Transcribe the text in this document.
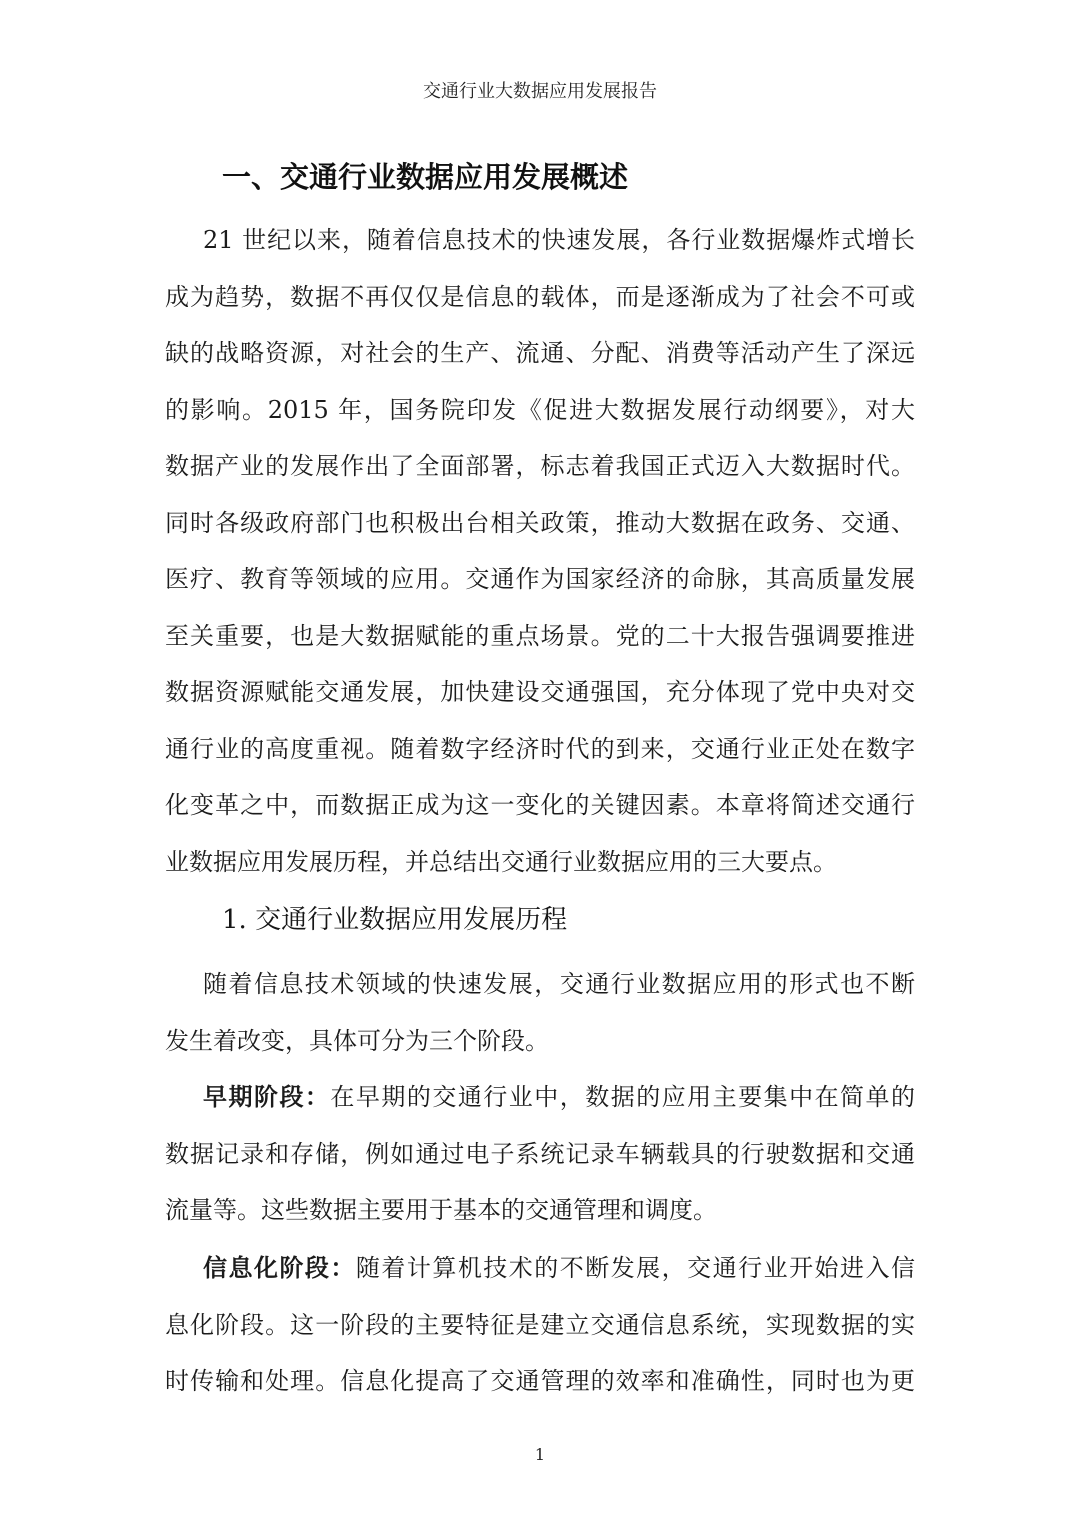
交通行业大数据应用发展报告
一、交通行业数据应用发展概述
21 世纪以来，随着信息技术的快速发展，各行业数据爆炸式增长
成为趋势，数据不再仅仅是信息的载体，而是逐渐成为了社会不可或
缺的战略资源，对社会的生产、流通、分配、消费等活动产生了深远
的影响。2015 年，国务院印发《促进大数据发展行动纲要》，对大
数据产业的发展作出了全面部署，标志着我国正式迈入大数据时代。
同时各级政府部门也积极出台相关政策，推动大数据在政务、交通、
医疗、教育等领域的应用。交通作为国家经济的命脉，其高质量发展
至关重要，也是大数据赋能的重点场景。党的二十大报告强调要推进
数据资源赋能交通发展，加快建设交通强国，充分体现了党中央对交
通行业的高度重视。随着数字经济时代的到来，交通行业正处在数字
化变革之中，而数据正成为这一变化的关键因素。本章将简述交通行
业数据应用发展历程，并总结出交通行业数据应用的三大要点。
1. 交通行业数据应用发展历程
随着信息技术领域的快速发展，交通行业数据应用的形式也不断
发生着改变，具体可分为三个阶段。
早期阶段：在早期的交通行业中，数据的应用主要集中在简单的
数据记录和存储，例如通过电子系统记录车辆载具的行驶数据和交通
流量等。这些数据主要用于基本的交通管理和调度。
信息化阶段：随着计算机技术的不断发展，交通行业开始进入信
息化阶段。这一阶段的主要特征是建立交通信息系统，实现数据的实
时传输和处理。信息化提高了交通管理的效率和准确性，同时也为更
1
